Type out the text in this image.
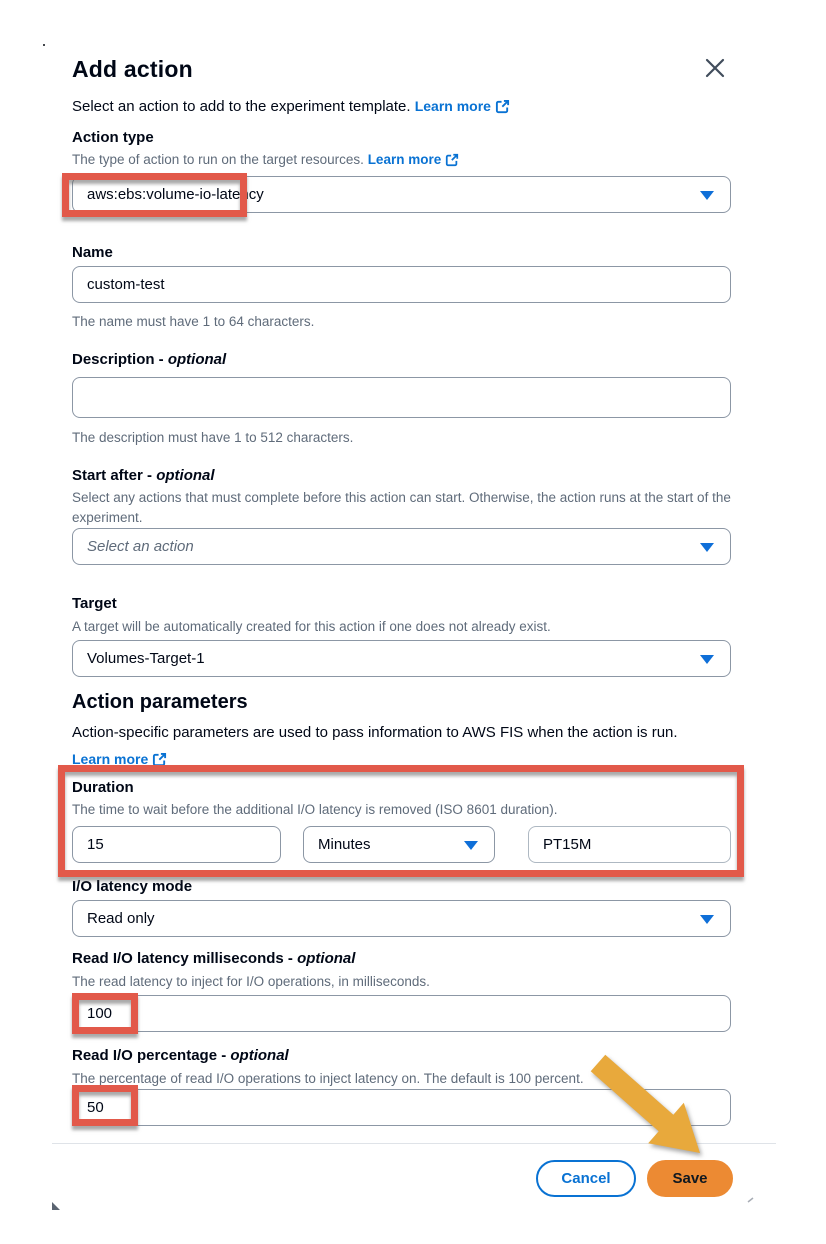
Add action
Select an action to add to the experiment template. Learn more
Action type
The type of action to run on the target resources. Learn more
aws:ebs:volume-io-latency
Name
custom-test
The name must have 1 to 64 characters.
Description - optional
The description must have 1 to 512 characters.
Start after - optional
Select any actions that must complete before this action can start. Otherwise, the action runs at the start of the experiment.
Select an action
Target
A target will be automatically created for this action if one does not already exist.
Volumes-Target-1
Action parameters
Action-specific parameters are used to pass information to AWS FIS when the action is run.
Learn more
Duration
The time to wait before the additional I/O latency is removed (ISO 8601 duration).
15
Minutes
PT15M
I/O latency mode
Read only
Read I/O latency milliseconds - optional
The read latency to inject for I/O operations, in milliseconds.
100
Read I/O percentage - optional
The percentage of read I/O operations to inject latency on. The default is 100 percent.
50
Cancel	Save
